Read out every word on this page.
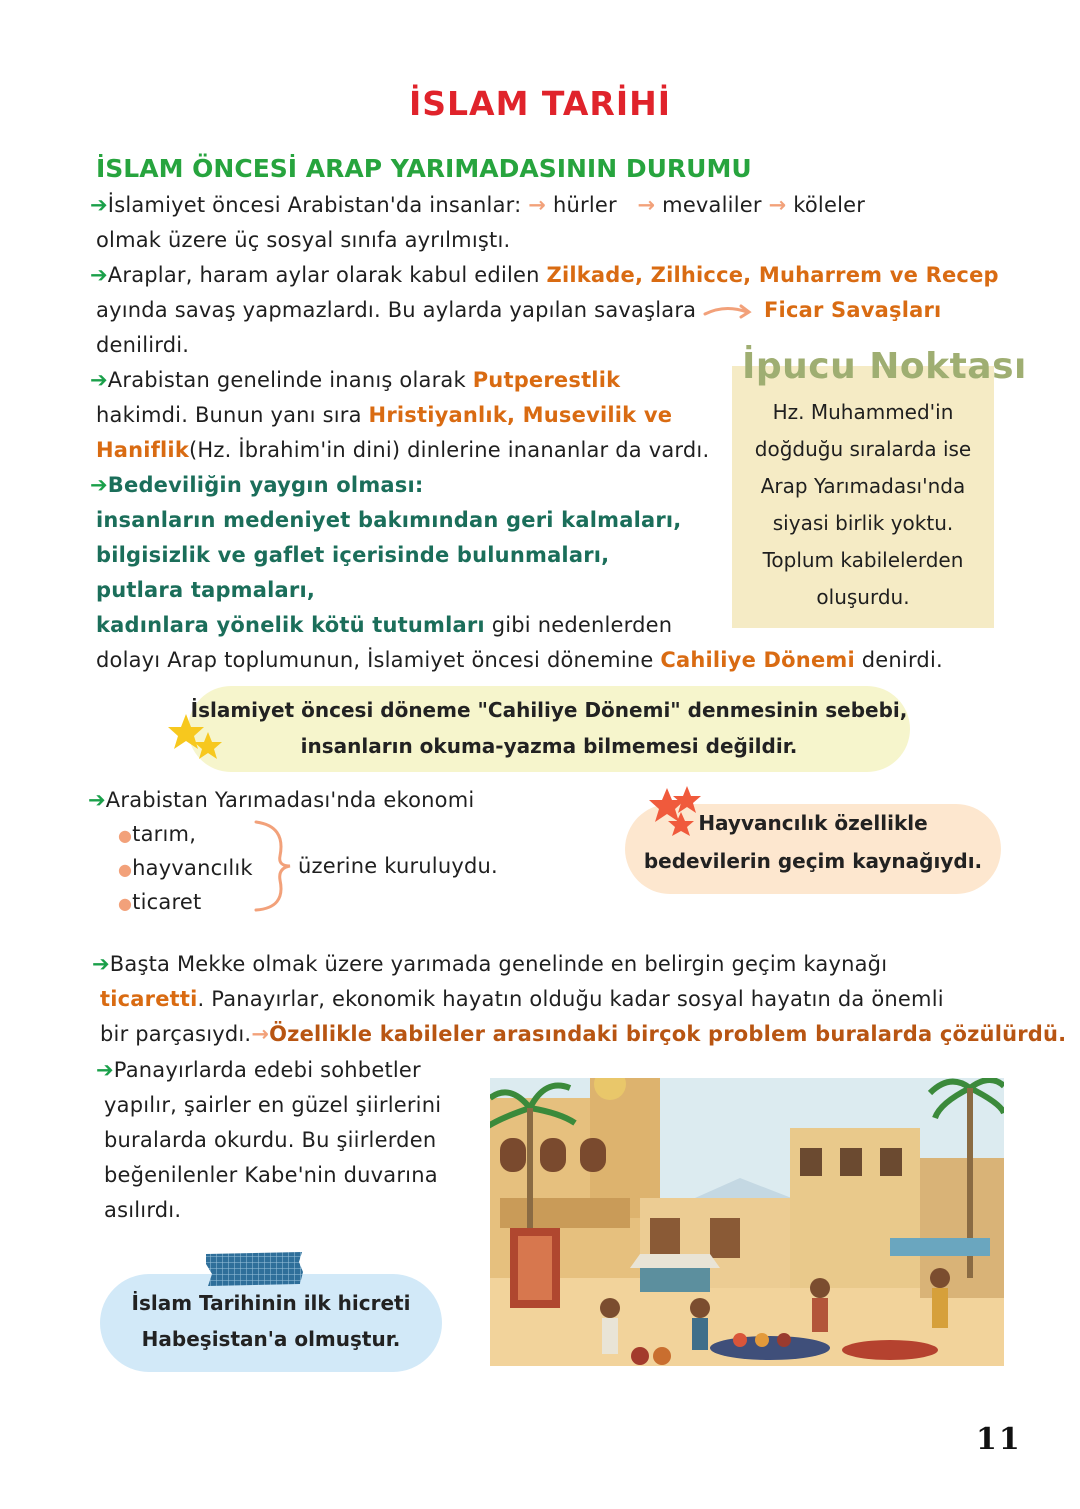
İSLAM TARİHİ
İSLAM ÖNCESİ ARAP YARIMADASININ DURUMU
➔İslamiyet öncesi Arabistan'da insanlar: → hürler → mevaliler → köleler
olmak üzere üç sosyal sınıfa ayrılmıştı.
➔Araplar, haram aylar olarak kabul edilen Zilkade, Zilhicce, Muharrem ve Recep
ayında savaş yapmazlardı. Bu aylarda yapılan savaşlara	Ficar Savaşları
denilirdi.
İpucu Noktası
Hz. Muhammed'in
doğduğu sıralarda ise
Arap Yarımadası'nda
siyasi birlik yoktu.
Toplum kabilelerden
oluşurdu.
➔Arabistan genelinde inanış olarak Putperestlik
hakimdi. Bunun yanı sıra Hristiyanlık, Musevilik ve
Haniflik(Hz. İbrahim'in dini) dinlerine inananlar da vardı.
➔Bedeviliğin yaygın olması:
insanların medeniyet bakımından geri kalmaları,
bilgisizlik ve gaflet içerisinde bulunmaları,
putlara tapmaları,
kadınlara yönelik kötü tutumları gibi nedenlerden
dolayı Arap toplumunun, İslamiyet öncesi dönemine Cahiliye Dönemi denirdi.
İslamiyet öncesi döneme "Cahiliye Dönemi" denmesinin sebebi,
insanların okuma-yazma bilmemesi değildir.
➔Arabistan Yarımadası'nda ekonomi
●tarım,
●hayvancılık
●ticaret
üzerine kuruluydu.
Hayvancılık özellikle
bedevilerin geçim kaynağıydı.
➔Başta Mekke olmak üzere yarımada genelinde en belirgin geçim kaynağı
ticaretti. Panayırlar, ekonomik hayatın olduğu kadar sosyal hayatın da önemli
bir parçasıydı.→Özellikle kabileler arasındaki birçok problem buralarda çözülürdü.
➔Panayırlarda edebi sohbetler
yapılır, şairler en güzel şiirlerini
buralarda okurdu. Bu şiirlerden
beğenilenler Kabe'nin duvarına
asılırdı.
İslam Tarihinin ilk hicreti
Habeşistan'a olmuştur.
11
